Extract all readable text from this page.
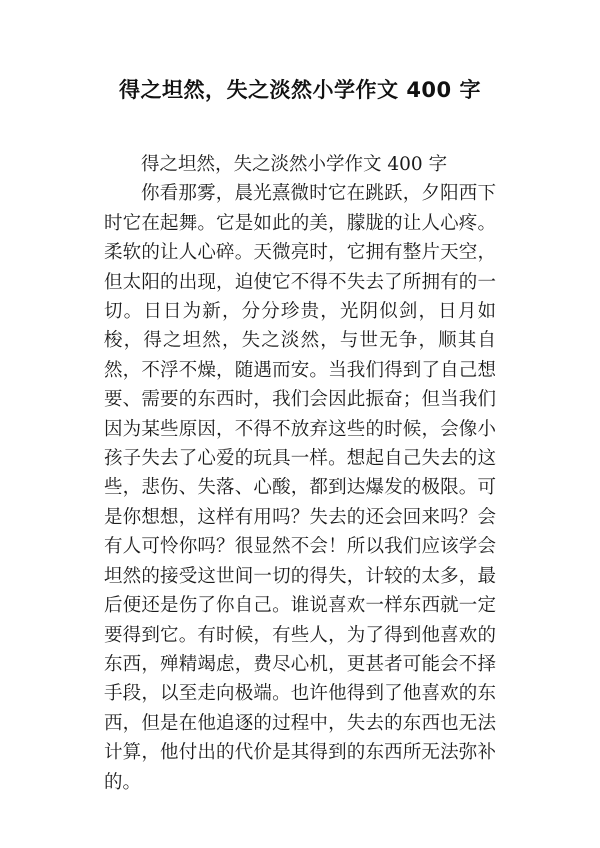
得之坦然，失之淡然小学作文 400 字

得之坦然，失之淡然小学作文 400 字

你看那雾，晨光熹微时它在跳跃，夕阳西下时它在起舞。它是如此的美，朦胧的让人心疼。柔软的让人心碎。天微亮时，它拥有整片天空，但太阳的出现，迫使它不得不失去了所拥有的一切。日日为新，分分珍贵，光阴似剑，日月如梭，得之坦然，失之淡然，与世无争，顺其自然，不浮不燥，随遇而安。当我们得到了自己想要、需要的东西时，我们会因此振奋；但当我们因为某些原因，不得不放弃这些的时候，会像小孩子失去了心爱的玩具一样。想起自己失去的这些，悲伤、失落、心酸，都到达爆发的极限。可是你想想，这样有用吗？失去的还会回来吗？会有人可怜你吗？很显然不会！所以我们应该学会坦然的接受这世间一切的得失，计较的太多，最后便还是伤了你自己。谁说喜欢一样东西就一定要得到它。有时候，有些人，为了得到他喜欢的东西，殚精竭虑，费尽心机，更甚者可能会不择手段，以至走向极端。也许他得到了他喜欢的东西，但是在他追逐的过程中，失去的东西也无法计算，他付出的代价是其得到的东西所无法弥补的。
